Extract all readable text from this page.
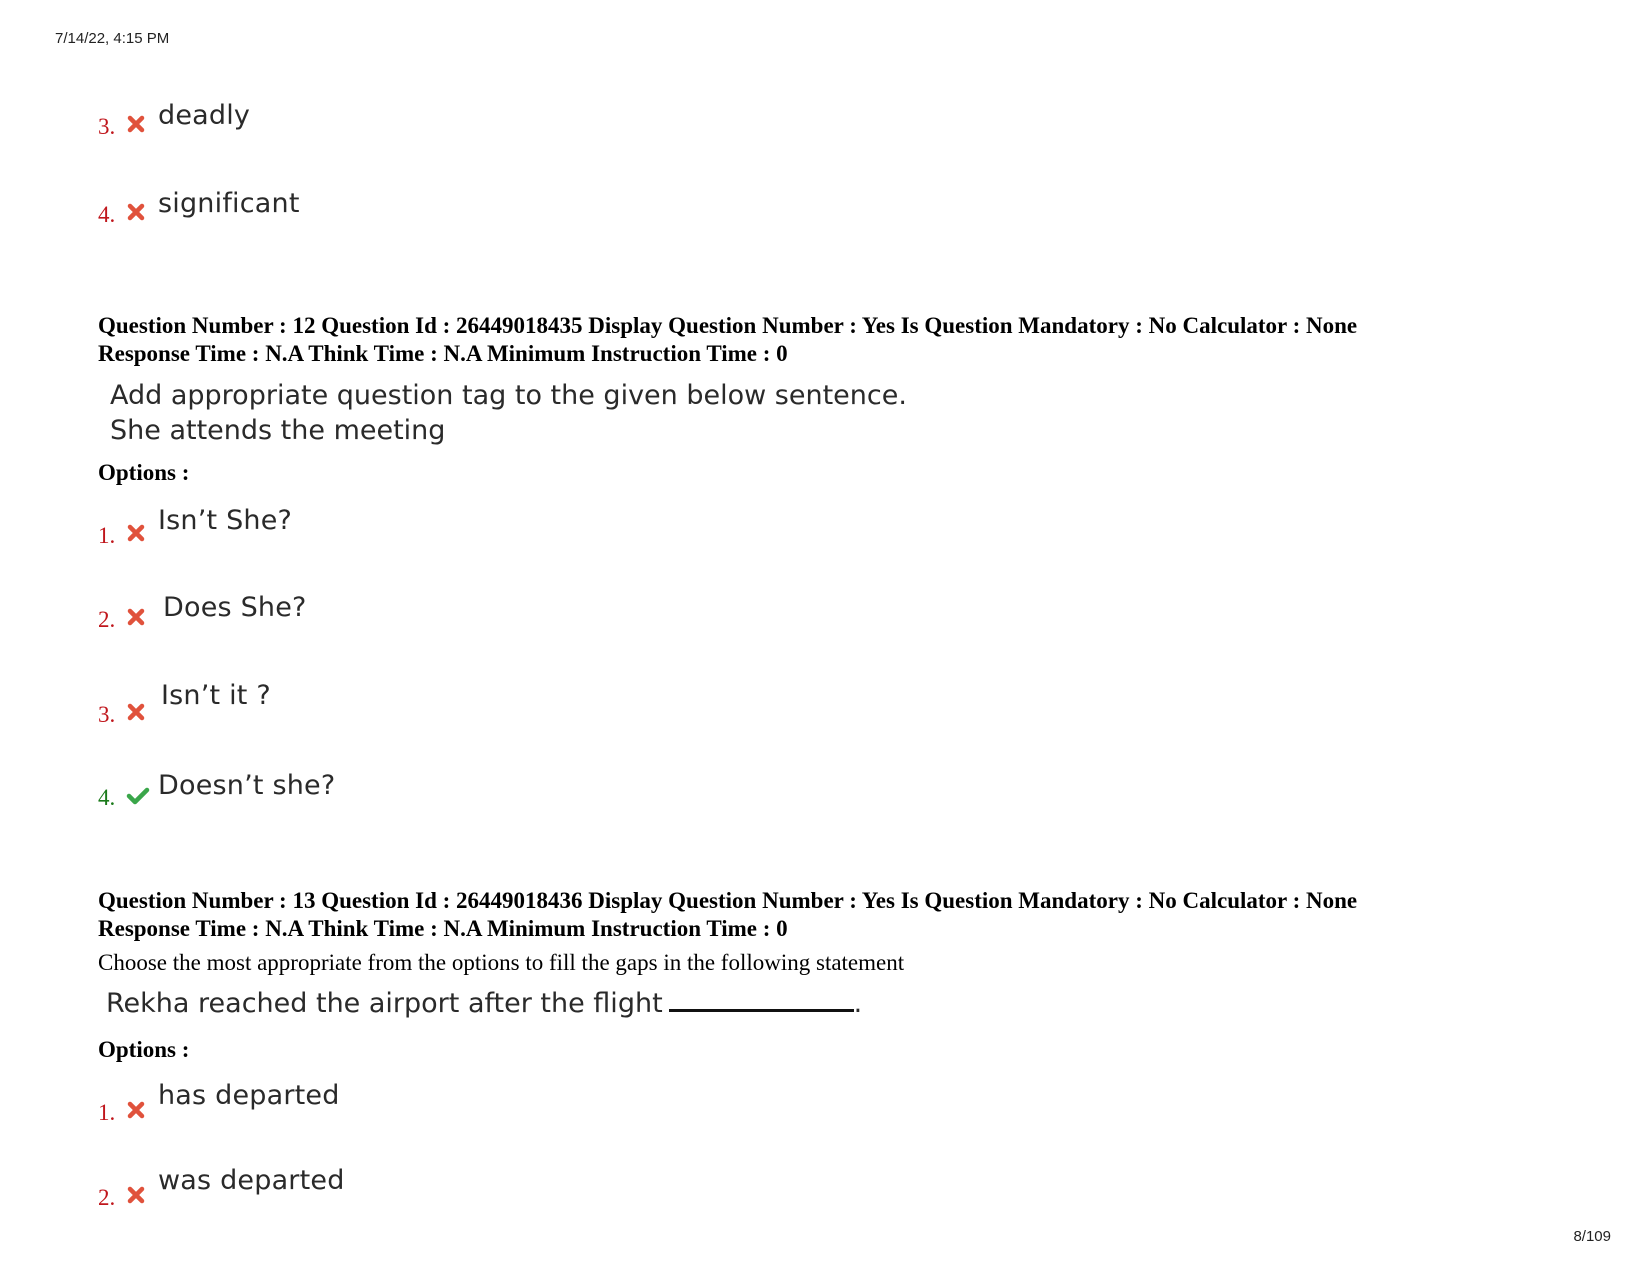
7/14/22, 4:15 PM
8/109
3. deadly
4. significant
Question Number : 12 Question Id : 26449018435 Display Question Number : Yes Is Question Mandatory : No Calculator : None
Response Time : N.A Think Time : N.A Minimum Instruction Time : 0
Add appropriate question tag to the given below sentence.
She attends the meeting
Options :
1. Isn’t She?
2. Does She?
3.
Isn’t it ?
4. Doesn’t she?
Question Number : 13 Question Id : 26449018436 Display Question Number : Yes Is Question Mandatory : No Calculator : None
Response Time : N.A Think Time : N.A Minimum Instruction Time : 0
Choose the most appropriate from the options to fill the gaps in the following statement
Rekha reached the airport after the flight	.
Options :
1.
has departed
2.
was departed
